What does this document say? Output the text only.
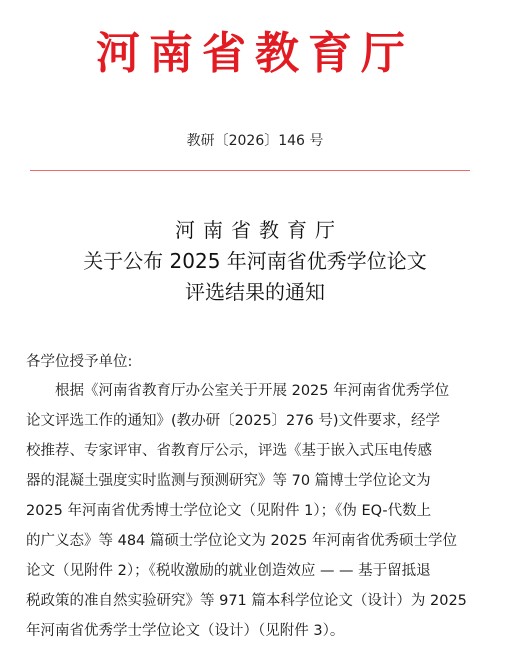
河南省教育厅
教研〔2026〕146 号
河南省教育厅
关于公布 2025 年河南省优秀学位论文
评选结果的通知
各学位授予单位:
根据《河南省教育厅办公室关于开展 2025 年河南省优秀学位
论文评选工作的通知》(教办研〔2025〕276 号)文件要求，经学
校推荐、专家评审、省教育厅公示，评选《基于嵌入式压电传感
器的混凝土强度实时监测与预测研究》等 70 篇博士学位论文为
2025 年河南省优秀博士学位论文（见附件 1）；《伪 EQ-代数上
的广义态》等 484 篇硕士学位论文为 2025 年河南省优秀硕士学位
论文（见附件 2）；《税收激励的就业创造效应 — — 基于留抵退
税政策的准自然实验研究》等 971 篇本科学位论文（设计）为 2025
年河南省优秀学士学位论文（设计）（见附件 3）。
